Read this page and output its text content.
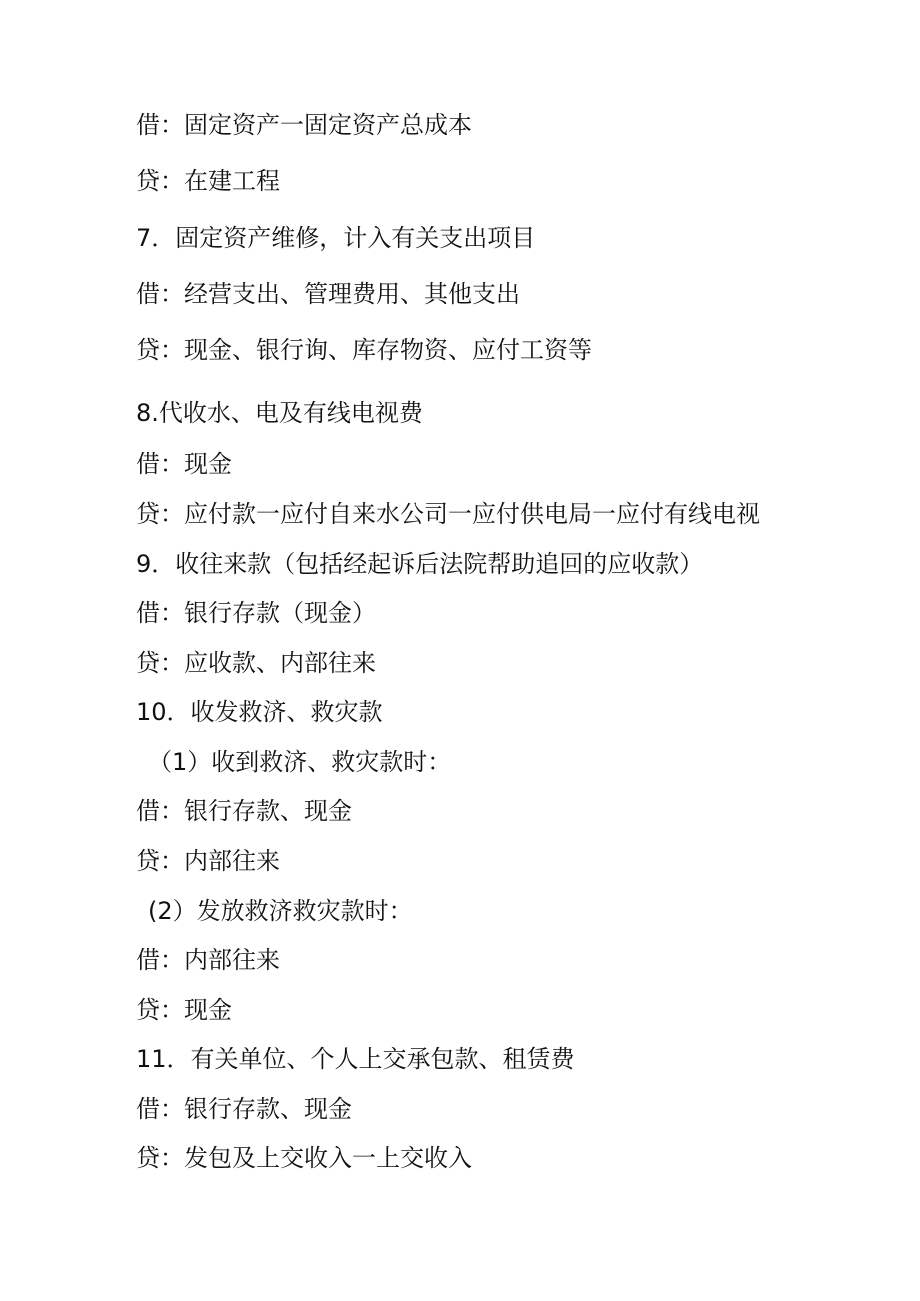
借：固定资产一固定资产总成本
贷：在建工程
7．固定资产维修，计入有关支出项目
借：经营支出、管理费用、其他支出
贷：现金、银行询、库存物资、应付工资等
8.代收水、电及有线电视费
借：现金
贷：应付款一应付自来水公司一应付供电局一应付有线电视
9．收往来款（包括经起诉后法院帮助追回的应收款）
借：银行存款（现金）
贷：应收款、内部往来
10．收发救济、救灾款
（1）收到救济、救灾款时：
借：银行存款、现金
贷：内部往来
(2）发放救济救灾款时：
借：内部往来
贷：现金
11．有关单位、个人上交承包款、租赁费
借：银行存款、现金
贷：发包及上交收入一上交收入
